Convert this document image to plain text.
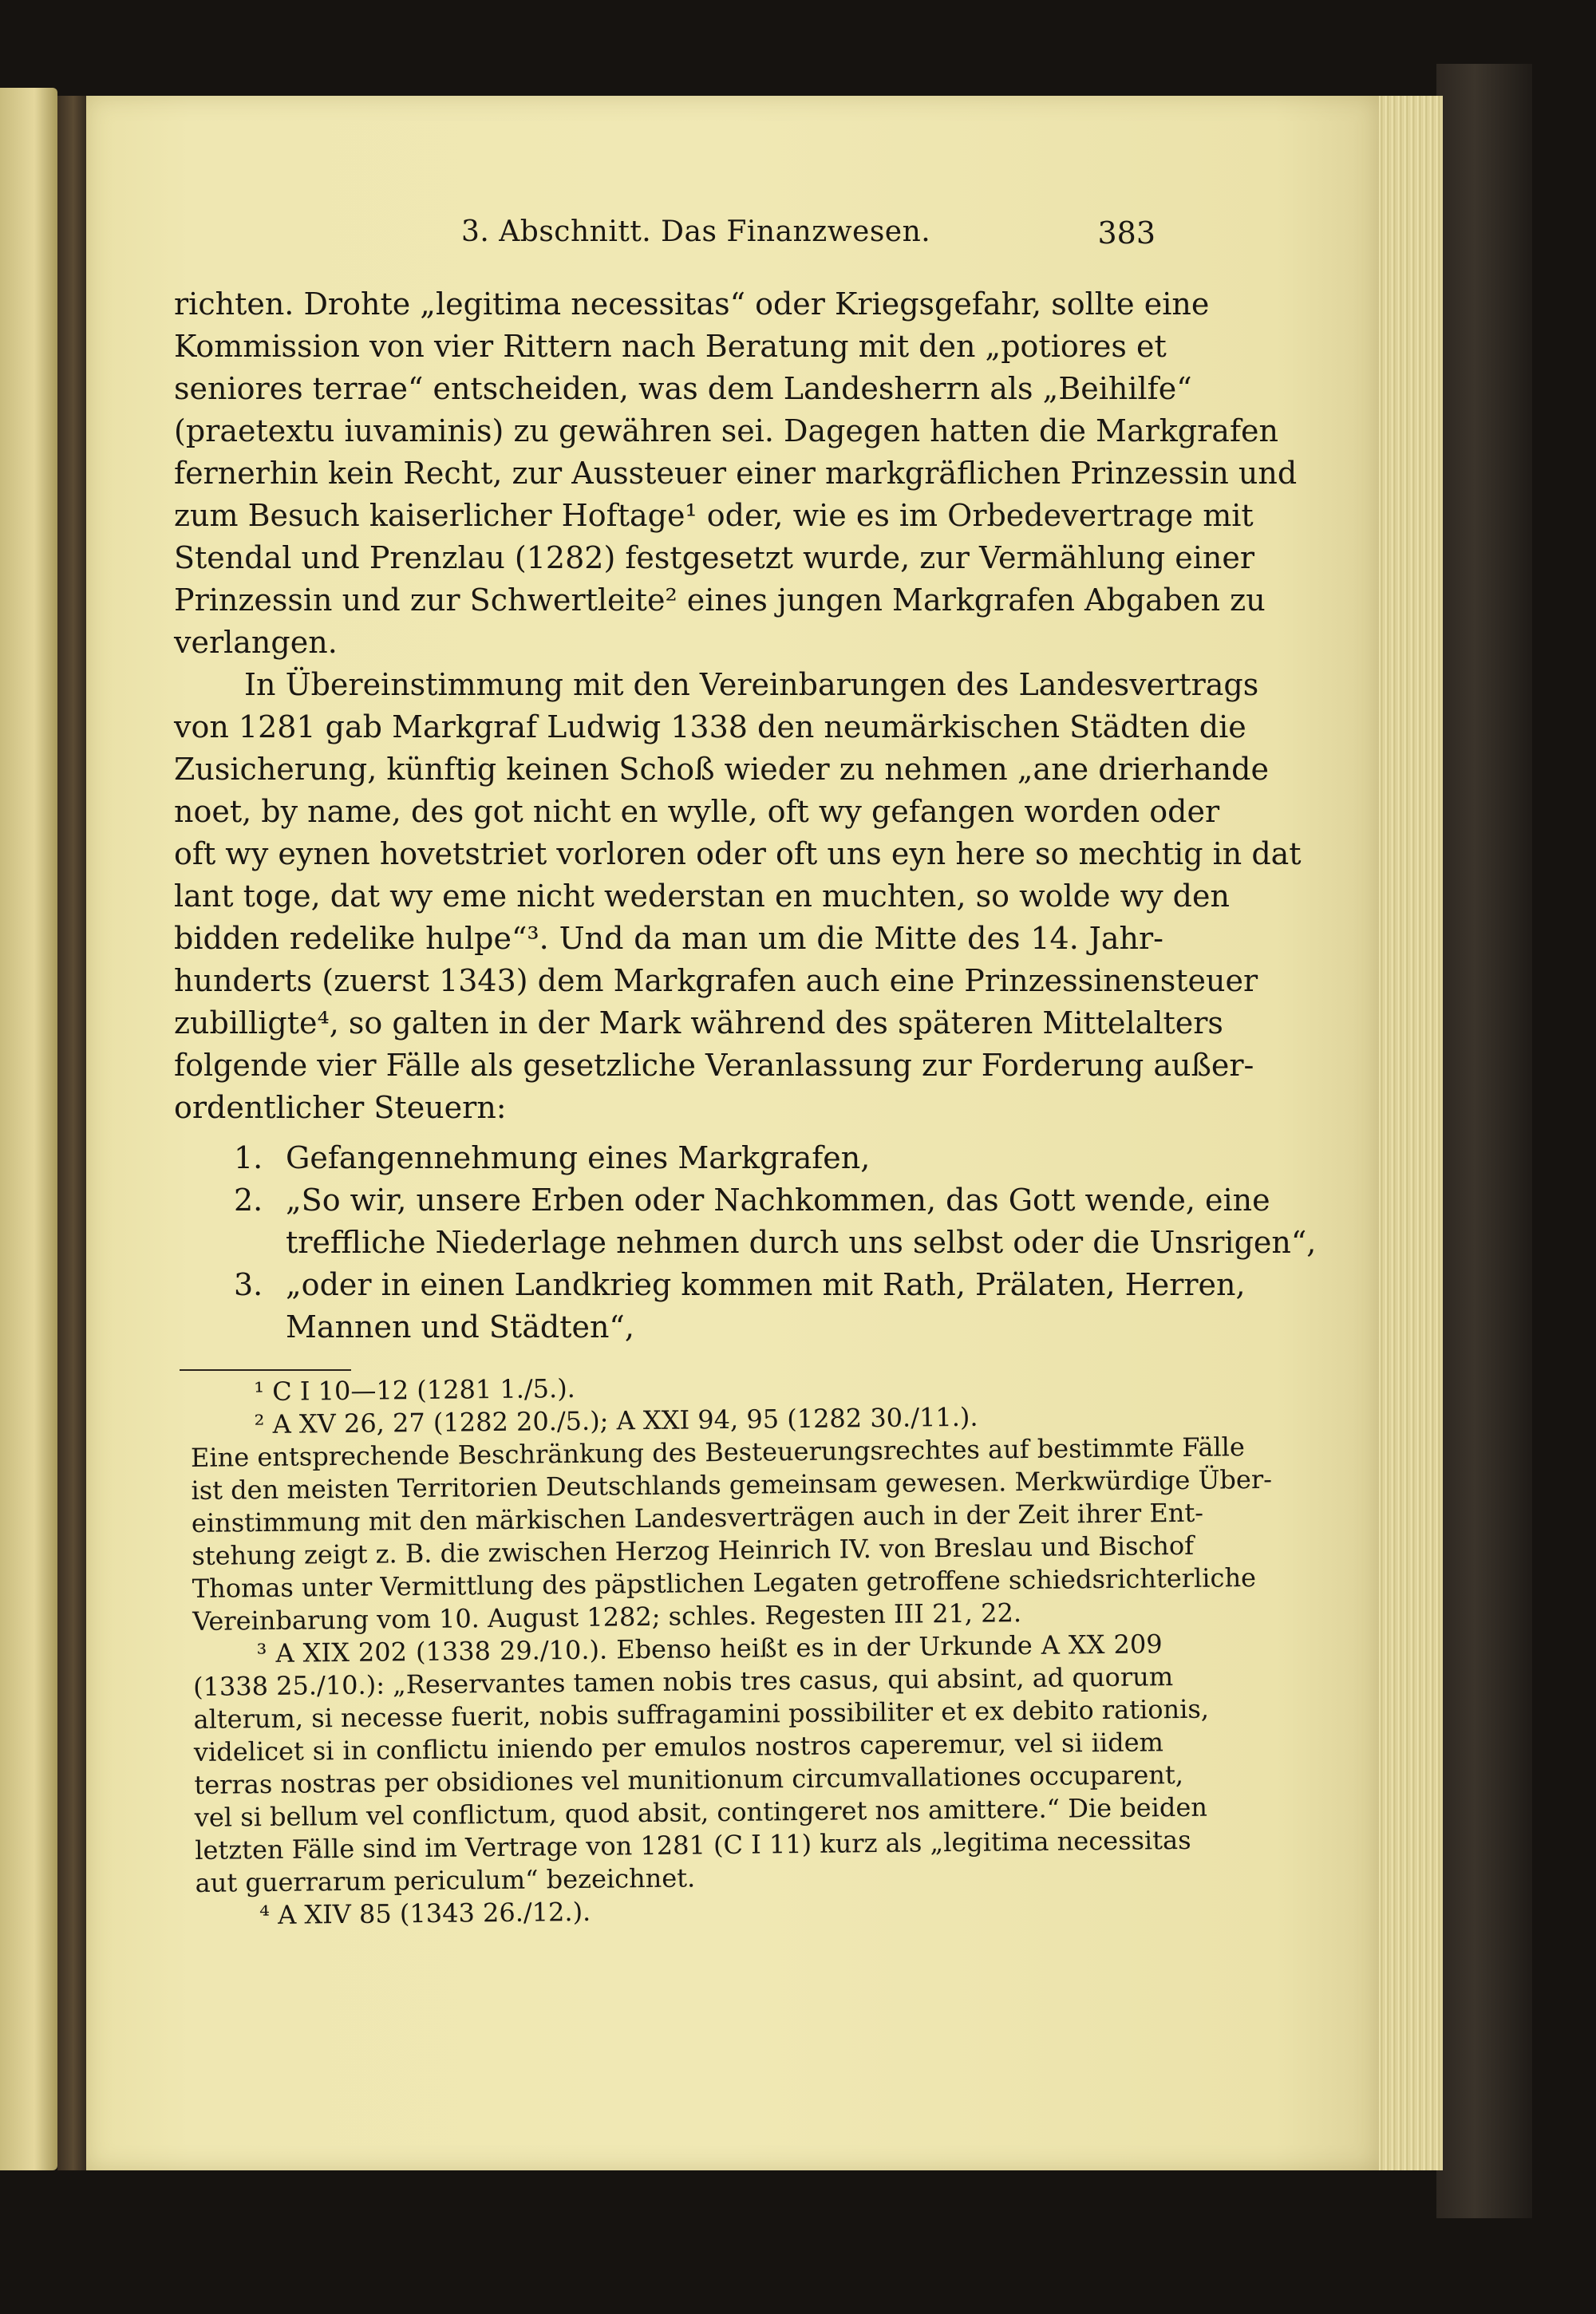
3. Abschnitt. Das Finanzwesen.	383
richten. Drohte „legitima necessitas“ oder Kriegsgefahr, sollte eine
Kommission von vier Rittern nach Beratung mit den „potiores et
seniores terrae“ entscheiden, was dem Landesherrn als „Beihilfe“
(praetextu iuvaminis) zu gewähren sei. Dagegen hatten die Markgrafen
fernerhin kein Recht, zur Aussteuer einer markgräflichen Prinzessin und
zum Besuch kaiserlicher Hoftage¹ oder, wie es im Orbedevertrage mit
Stendal und Prenzlau (1282) festgesetzt wurde, zur Vermählung einer
Prinzessin und zur Schwertleite² eines jungen Markgrafen Abgaben zu
verlangen.
In Übereinstimmung mit den Vereinbarungen des Landesvertrags
von 1281 gab Markgraf Ludwig 1338 den neumärkischen Städten die
Zusicherung, künftig keinen Schoß wieder zu nehmen „ane drierhande
noet, by name, des got nicht en wylle, oft wy gefangen worden oder
oft wy eynen hovetstriet vorloren oder oft uns eyn here so mechtig in dat
lant toge, dat wy eme nicht wederstan en muchten, so wolde wy den
bidden redelike hulpe“³. Und da man um die Mitte des 14. Jahr-
hunderts (zuerst 1343) dem Markgrafen auch eine Prinzessinensteuer
zubilligte⁴, so galten in der Mark während des späteren Mittelalters
folgende vier Fälle als gesetzliche Veranlassung zur Forderung außer-
ordentlicher Steuern:
1. Gefangennehmung eines Markgrafen,
2. „So wir, unsere Erben oder Nachkommen, das Gott wende, eine
treffliche Niederlage nehmen durch uns selbst oder die Unsrigen“,
3. „oder in einen Landkrieg kommen mit Rath, Prälaten, Herren,
Mannen und Städten“,
¹ C I 10—12 (1281 1./5.).
² A XV 26, 27 (1282 20./5.); A XXI 94, 95 (1282 30./11.).
Eine entsprechende Beschränkung des Besteuerungsrechtes auf bestimmte Fälle
ist den meisten Territorien Deutschlands gemeinsam gewesen. Merkwürdige Über-
einstimmung mit den märkischen Landesverträgen auch in der Zeit ihrer Ent-
stehung zeigt z. B. die zwischen Herzog Heinrich IV. von Breslau und Bischof
Thomas unter Vermittlung des päpstlichen Legaten getroffene schiedsrichterliche
Vereinbarung vom 10. August 1282; schles. Regesten III 21, 22.
³ A XIX 202 (1338 29./10.). Ebenso heißt es in der Urkunde A XX 209
(1338 25./10.): „Reservantes tamen nobis tres casus, qui absint, ad quorum
alterum, si necesse fuerit, nobis suffragamini possibiliter et ex debito rationis,
videlicet si in conflictu iniendo per emulos nostros caperemur, vel si iidem
terras nostras per obsidiones vel munitionum circumvallationes occuparent,
vel si bellum vel conflictum, quod absit, contingeret nos amittere.“ Die beiden
letzten Fälle sind im Vertrage von 1281 (C I 11) kurz als „legitima necessitas
aut guerrarum periculum“ bezeichnet.
⁴ A XIV 85 (1343 26./12.).
